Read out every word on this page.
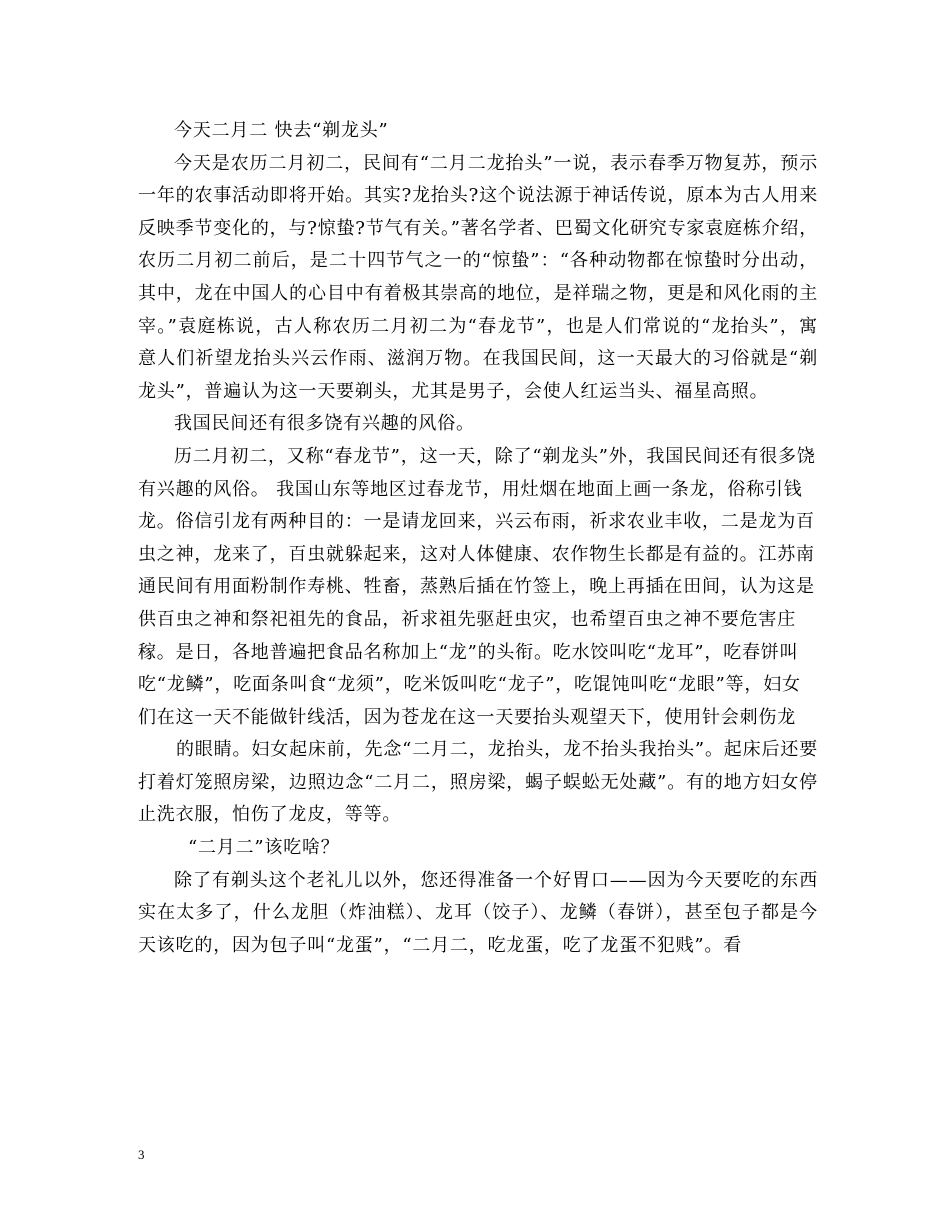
今天二月二 快去“剃龙头”

今天是农历二月初二，民间有“二月二龙抬头”一说，表示春季万物复苏，预示一年的农事活动即将开始。其实?龙抬头?这个说法源于神话传说，原本为古人用来反映季节变化的，与?惊蛰?节气有关。”著名学者、巴蜀文化研究专家袁庭栋介绍，农历二月初二前后，是二十四节气之一的“惊蛰”：“各种动物都在惊蛰时分出动，其中，龙在中国人的心目中有着极其崇高的地位，是祥瑞之物，更是和风化雨的主宰。”袁庭栋说，古人称农历二月初二为“春龙节”，也是人们常说的“龙抬头”，寓意人们祈望龙抬头兴云作雨、滋润万物。在我国民间，这一天最大的习俗就是“剃龙头”，普遍认为这一天要剃头，尤其是男子，会使人红运当头、福星高照。

我国民间还有很多饶有兴趣的风俗。

历二月初二，又称“春龙节”，这一天，除了“剃龙头”外，我国民间还有很多饶有兴趣的风俗。 我国山东等地区过春龙节，用灶烟在地面上画一条龙，俗称引钱龙。俗信引龙有两种目的：一是请龙回来，兴云布雨，祈求农业丰收，二是龙为百虫之神，龙来了，百虫就躲起来，这对人体健康、农作物生长都是有益的。江苏南通民间有用面粉制作寿桃、牲畜，蒸熟后插在竹签上，晚上再插在田间，认为这是供百虫之神和祭祀祖先的食品，祈求祖先驱赶虫灾，也希望百虫之神不要危害庄稼。是日，各地普遍把食品名称加上“龙”的头衔。吃水饺叫吃“龙耳”，吃春饼叫吃“龙鳞”，吃面条叫食“龙须”，吃米饭叫吃“龙子”，吃馄饨叫吃“龙眼”等，妇女们在这一天不能做针线活，因为苍龙在这一天要抬头观望天下，使用针会刺伤龙

的眼睛。妇女起床前，先念“二月二，龙抬头，龙不抬头我抬头”。起床后还要打着灯笼照房梁，边照边念“二月二，照房梁，蝎子蜈蚣无处藏”。有的地方妇女停止洗衣服，怕伤了龙皮，等等。

“二月二”该吃啥？

除了有剃头这个老礼儿以外，您还得准备一个好胃口——因为今天要吃的东西实在太多了，什么龙胆（炸油糕）、龙耳（饺子）、龙鳞（春饼），甚至包子都是今天该吃的，因为包子叫“龙蛋”，“二月二，吃龙蛋，吃了龙蛋不犯贱”。看

3
